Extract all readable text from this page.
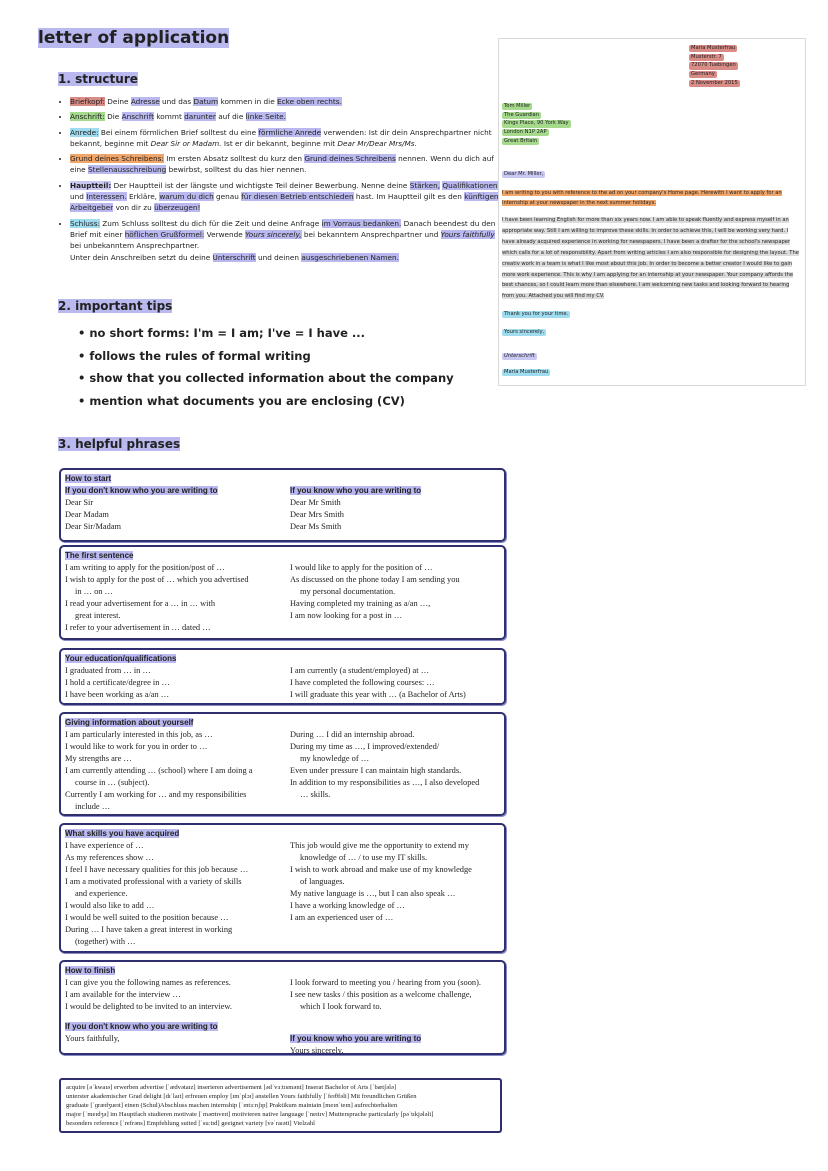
letter of application
1. structure
2. important tips
3. helpful phrases
• Briefkopf: Deine Adresse und das Datum kommen in die Ecke oben rechts.
• Anschrift: Die Anschrift kommt darunter auf die linke Seite.
• Anrede: Bei einem förmlichen Brief solltest du eine förmliche Anrede verwenden: Ist dir dein Ansprechpartner nicht bekannt, beginne mit Dear Sir or Madam. Ist er dir bekannt, beginne mit Dear Mr/Dear Mrs/Ms.
• Grund deines Schreibens: Im ersten Absatz solltest du kurz den Grund deines Schreibens nennen. Wenn du dich auf eine Stellenausschreibung bewirbst, solltest du das hier nennen.
• Hauptteil: Der Hauptteil ist der längste und wichtigste Teil deiner Bewerbung. Nenne deine Stärken, Qualifikationen und Interessen. Erkläre, warum du dich genau für diesen Betrieb entschieden hast. Im Hauptteil gilt es den künftigen Arbeitgeber von dir zu überzeugen!
• Schluss: Zum Schluss solltest du dich für die Zeit und deine Anfrage im Vorraus bedanken. Danach beendest du den Brief mit einer höflichen Grußformel: Verwende Yours sincerely, bei bekanntem Ansprechpartner und Yours faithfully bei unbekanntem Ansprechpartner.
Unter dein Anschreiben setzt du deine Unterschrift und deinen ausgeschriebenen Namen.
• no short forms: I'm = I am; I've = I have ...
• follows the rules of formal writing
• show that you collected information about the company
• mention what documents you are enclosing (CV)
Maria Musterfrau
Musterstr. 7
72070 Tuebingen
Germany
2 November 2015

Tom Miller
The Guardian
Kings Place, 90 York Way
London N1P 2AP
Great Britain

Dear Mr. Miller,
I am writing to you with reference to the ad on your company's Home page. Herewith I want to apply for an internship at your newspaper in the next summer holidays.
I have been learning English for more than six years now. I am able to speak fluently and express myself in an appropriate way. Still I am willing to improve these skills. In order to achieve this, I will be working very hard. I have already acquired experience in working for newspapers. I have been a drafter for the school's newspaper which calls for a lot of responsibility. Apart from writing articles I am also responsible for designing the layout. The creativ work in a team is what I like most about this job. In order to become a better creator I would like to gain more work experience. This is why I am applying for an internship at your newspaper. Your company affords the best chances, so I could learn more than elsewhere. I am welcoming new tasks and looking forward to hearing from you. Attached you will find my CV.
Thank you for your time.
Yours sincerely,
Unterschrift
Maria Musterfrau
How to start
If you don't know who you are writing to
Dear Sir
Dear Madam
Dear Sir/Madam
If you know who you are writing to
Dear Mr Smith
Dear Mrs Smith
Dear Ms Smith
The first sentence
I am writing to apply for the position/post of …
I wish to apply for the post of … which you advertised
in … on …
I read your advertisement for a … in … with
great interest.
I refer to your advertisement in … dated …
I would like to apply for the position of …
As discussed on the phone today I am sending you
my personal documentation.
Having completed my training as a/an …,
I am now looking for a post in …
Your education/qualifications
I graduated from … in …
I hold a certificate/degree in …
I have been working as a/an …
I am currently (a student/employed) at …
I have completed the following courses: …
I will graduate this year with … (a Bachelor of Arts)
Giving information about yourself
I am particularly interested in this job, as …
I would like to work for you in order to …
My strengths are …
I am currently attending … (school) where I am doing a
course in … (subject).
Currently I am working for … and my responsibilities
include …
During … I did an internship abroad.
During my time as …, I improved/extended/
my knowledge of …
Even under pressure I can maintain high standards.
In addition to my responsibilities as …, I also developed
… skills.
What skills you have acquired
I have experience of …
As my references show …
I feel I have necessary qualities for this job because …
I am a motivated professional with a variety of skills
and experience.
I would also like to add …
I would be well suited to the position because …
During … I have taken a great interest in working
(together) with …
This job would give me the opportunity to extend my
knowledge of … / to use my IT skills.
I wish to work abroad and make use of my knowledge
of languages.
My native language is …, but I can also speak …
I have a working knowledge of …
I am an experienced user of …
How to finish
I can give you the following names as references.
I am available for the interview …
I would be delighted to be invited to an interview.
If you don't know who you are writing to
Yours faithfully,
I look forward to meeting you / hearing from you (soon).
I see new tasks / this position as a welcome challenge,
which I look forward to.
If you know who you are writing to
Yours sincerely,
acquire [əˈkwaɪə] erwerben advertise [ˈædvətaɪz] inserieren advertisement [ədˈvɜːtɪsmənt] Inserat Bachelor of Arts [ˈbætʃələ]
unterster akademischer Grad delight [dɪˈlaɪt] erfreuen employ [ɪmˈplɔɪ] anstellen Yours faithfully [ˈfeɪθfəli] Mit freundlichen Grüßen
graduate [ˈɡrædʒueɪt] einen (Schul)Abschluss machen internship [ˈɪntɜːnʃɪp] Praktikum maintain [meɪnˈteɪn] aufrechterhalten
major [ˈmeɪdʒə] im Hauptfach studieren motivate [ˈməʊtɪveɪt] motivieren native language [ˈneɪtɪv] Muttersprache particularly [pəˈtɪkjələli]
besonders reference [ˈrefrəns] Empfehlung suited [ˈsuːtɪd] geeignet variety [vəˈraɪəti] Vielzahl
